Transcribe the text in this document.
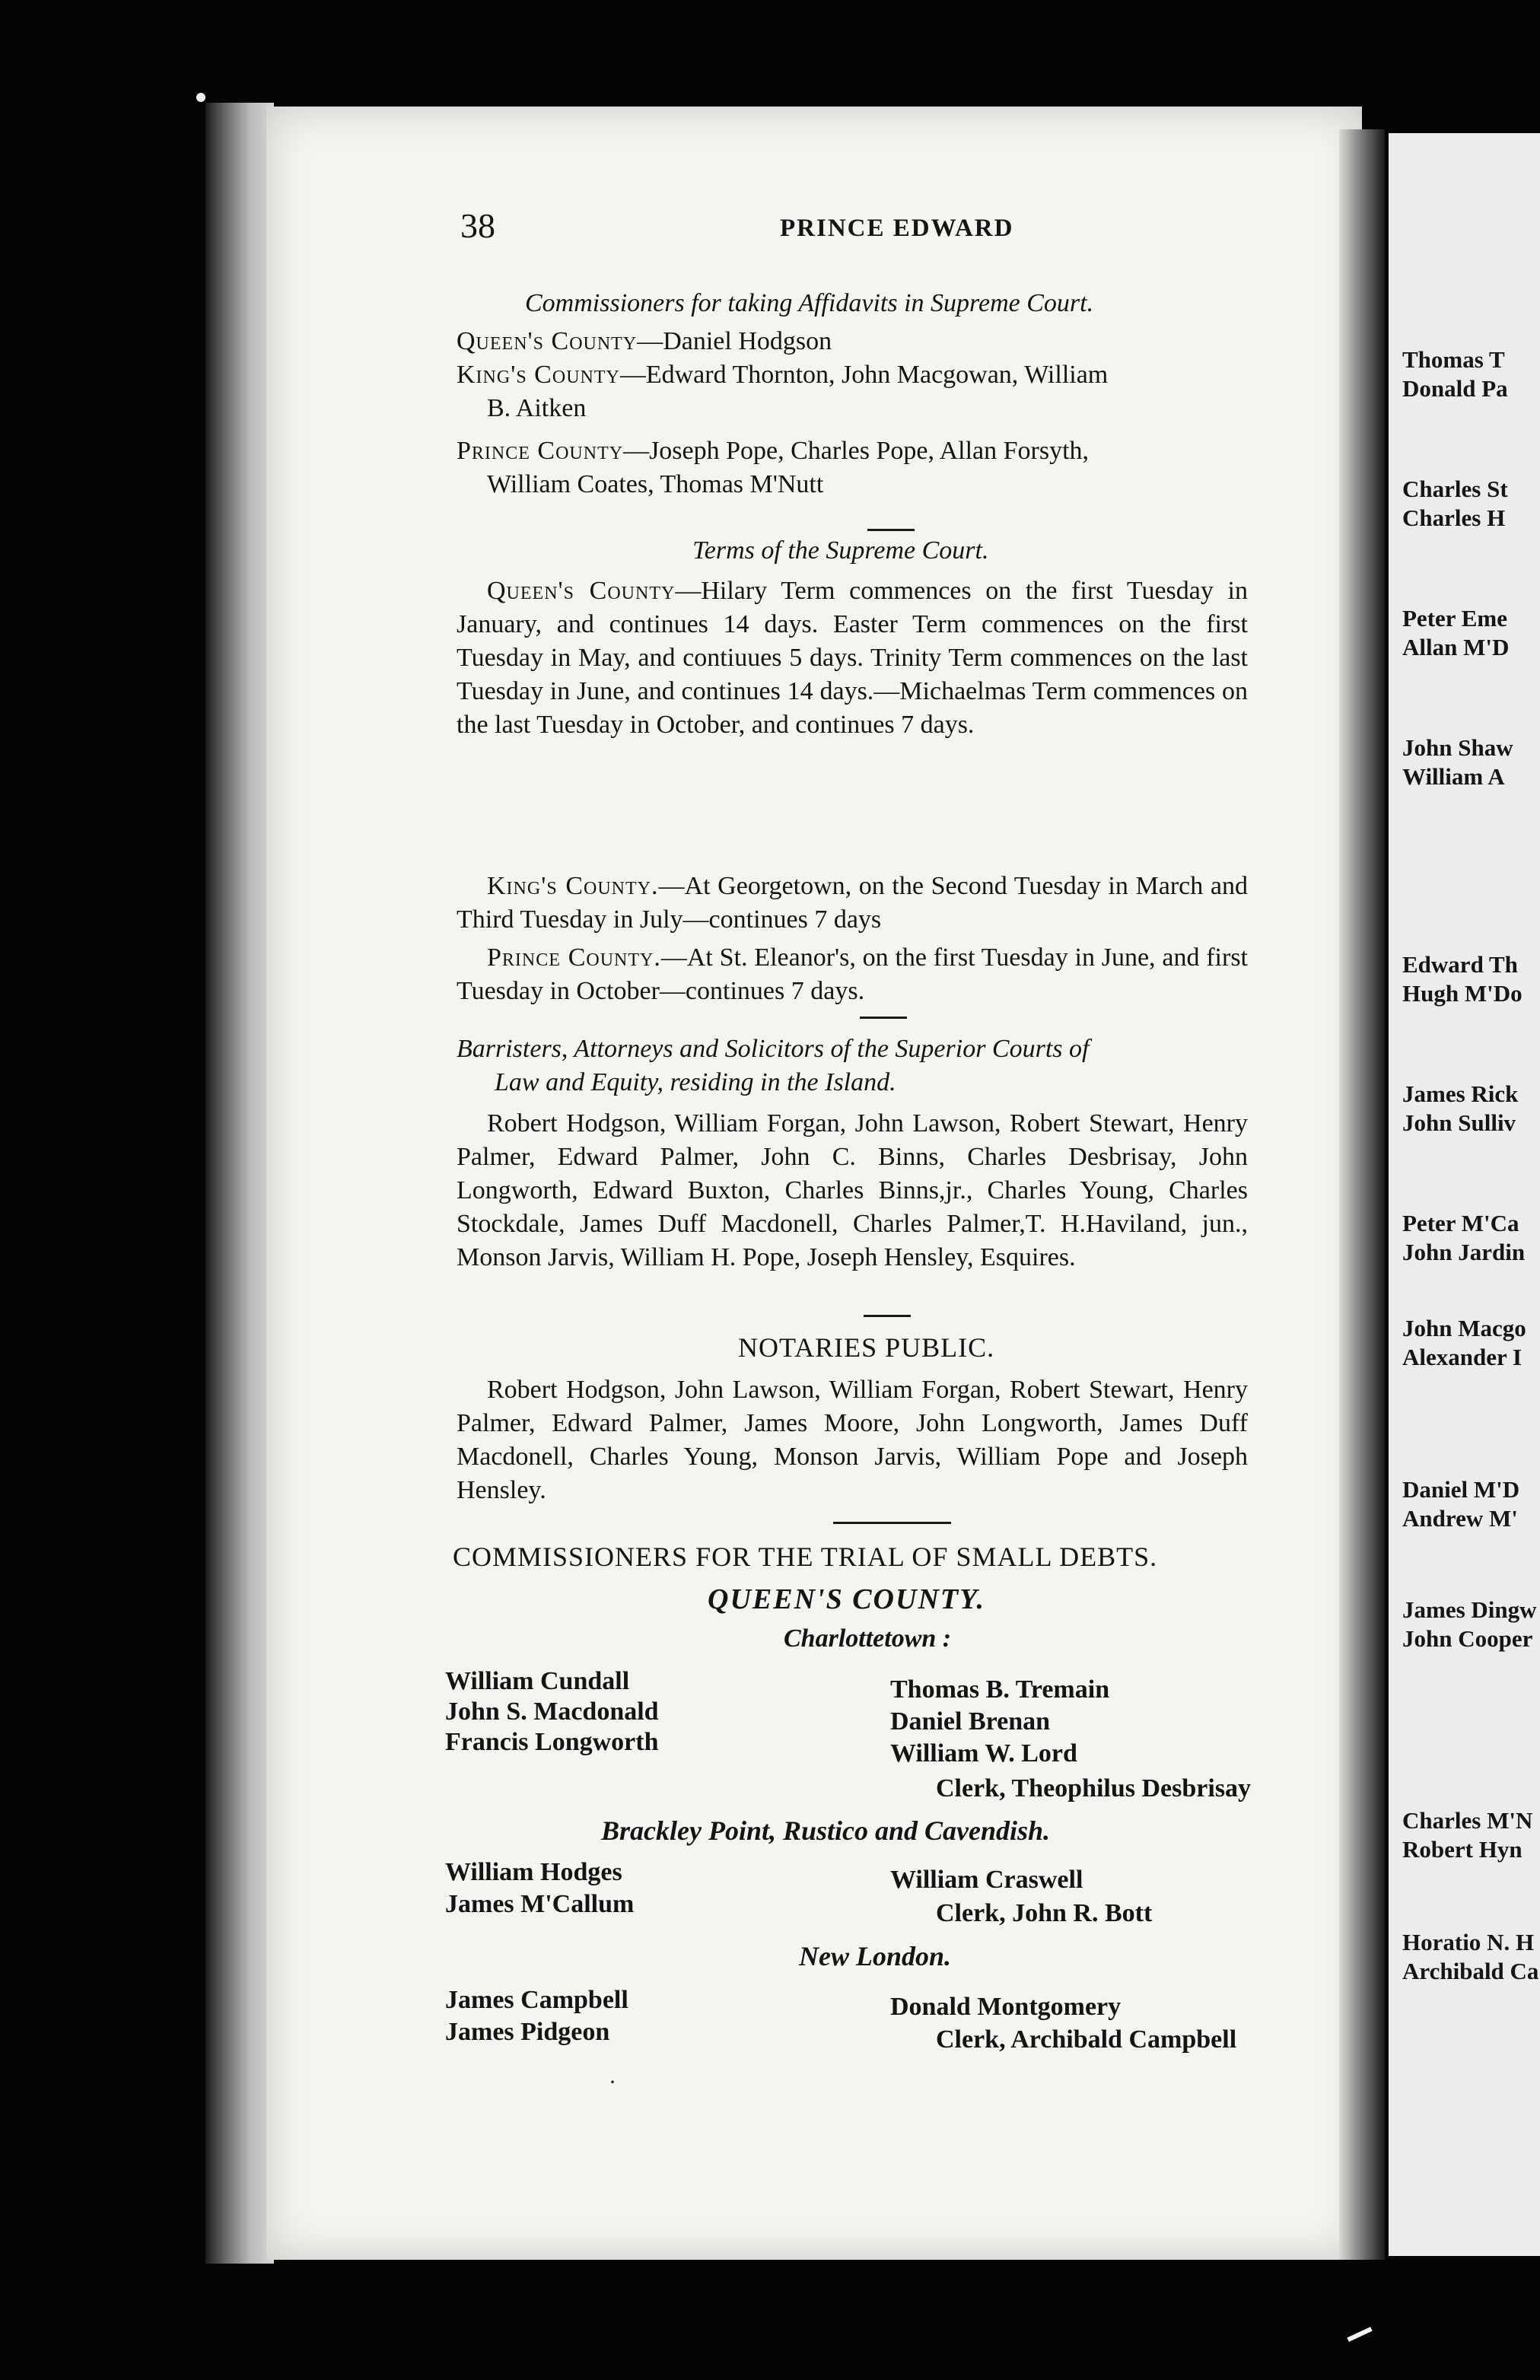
38	PRINCE EDWARD
Commissioners for taking Affidavits in Supreme Court.
Queen's County—Daniel Hodgson
King's County—Edward Thornton, John Macgowan, William
B. Aitken
Prince County—Joseph Pope, Charles Pope, Allan Forsyth,
William Coates, Thomas M'Nutt
Terms of the Supreme Court.
Queen's County—Hilary Term commences on the first Tuesday in January, and continues 14 days. Easter Term commences on the first Tuesday in May, and contiuues 5 days. Trinity Term commences on the last Tuesday in June, and continues 14 days.—Michaelmas Term commences on the last Tuesday in October, and continues 7 days.
King's County.—At Georgetown, on the Second Tuesday in March and Third Tuesday in July—continues 7 days
Prince County.—At St. Eleanor's, on the first Tuesday in June, and first Tuesday in October—continues 7 days.
Barristers, Attorneys and Solicitors of the Superior Courts of
Law and Equity, residing in the Island.
Robert Hodgson, William Forgan, John Lawson, Robert Stewart, Henry Palmer, Edward Palmer, John C. Binns, Charles Desbrisay, John Longworth, Edward Buxton, Charles Binns,jr., Charles Young, Charles Stockdale, James Duff Macdonell, Charles Palmer,T. H.Haviland, jun., Monson Jarvis, William H. Pope, Joseph Hensley, Esquires.
NOTARIES PUBLIC.
Robert Hodgson, John Lawson, William Forgan, Robert Stewart, Henry Palmer, Edward Palmer, James Moore, John Longworth, James Duff Macdonell, Charles Young, Monson Jarvis, William Pope and Joseph Hensley.
COMMISSIONERS FOR THE TRIAL OF SMALL DEBTS.
QUEEN'S COUNTY.
Charlottetown :
William Cundall
John S. Macdonald
Francis Longworth
Thomas B. Tremain
Daniel Brenan
William W. Lord
Clerk, Theophilus Desbrisay
Brackley Point, Rustico and Cavendish.
William Hodges
James M'Callum
William Craswell
Clerk, John R. Bott
New London.
James Campbell
James Pidgeon
Donald Montgomery
Clerk, Archibald Campbell
·
Thomas T
Donald Pa
Charles St
Charles H
Peter Eme
Allan M'D
John Shaw
William A
Edward Th
Hugh M'Do
James Rick
John Sulliv
Peter M'Ca
John Jardin
John Macgo
Alexander I
Daniel M'D
Andrew M'
James Dingw
John Cooper
Charles M'N
Robert Hyn
Horatio N. H
Archibald Ca
